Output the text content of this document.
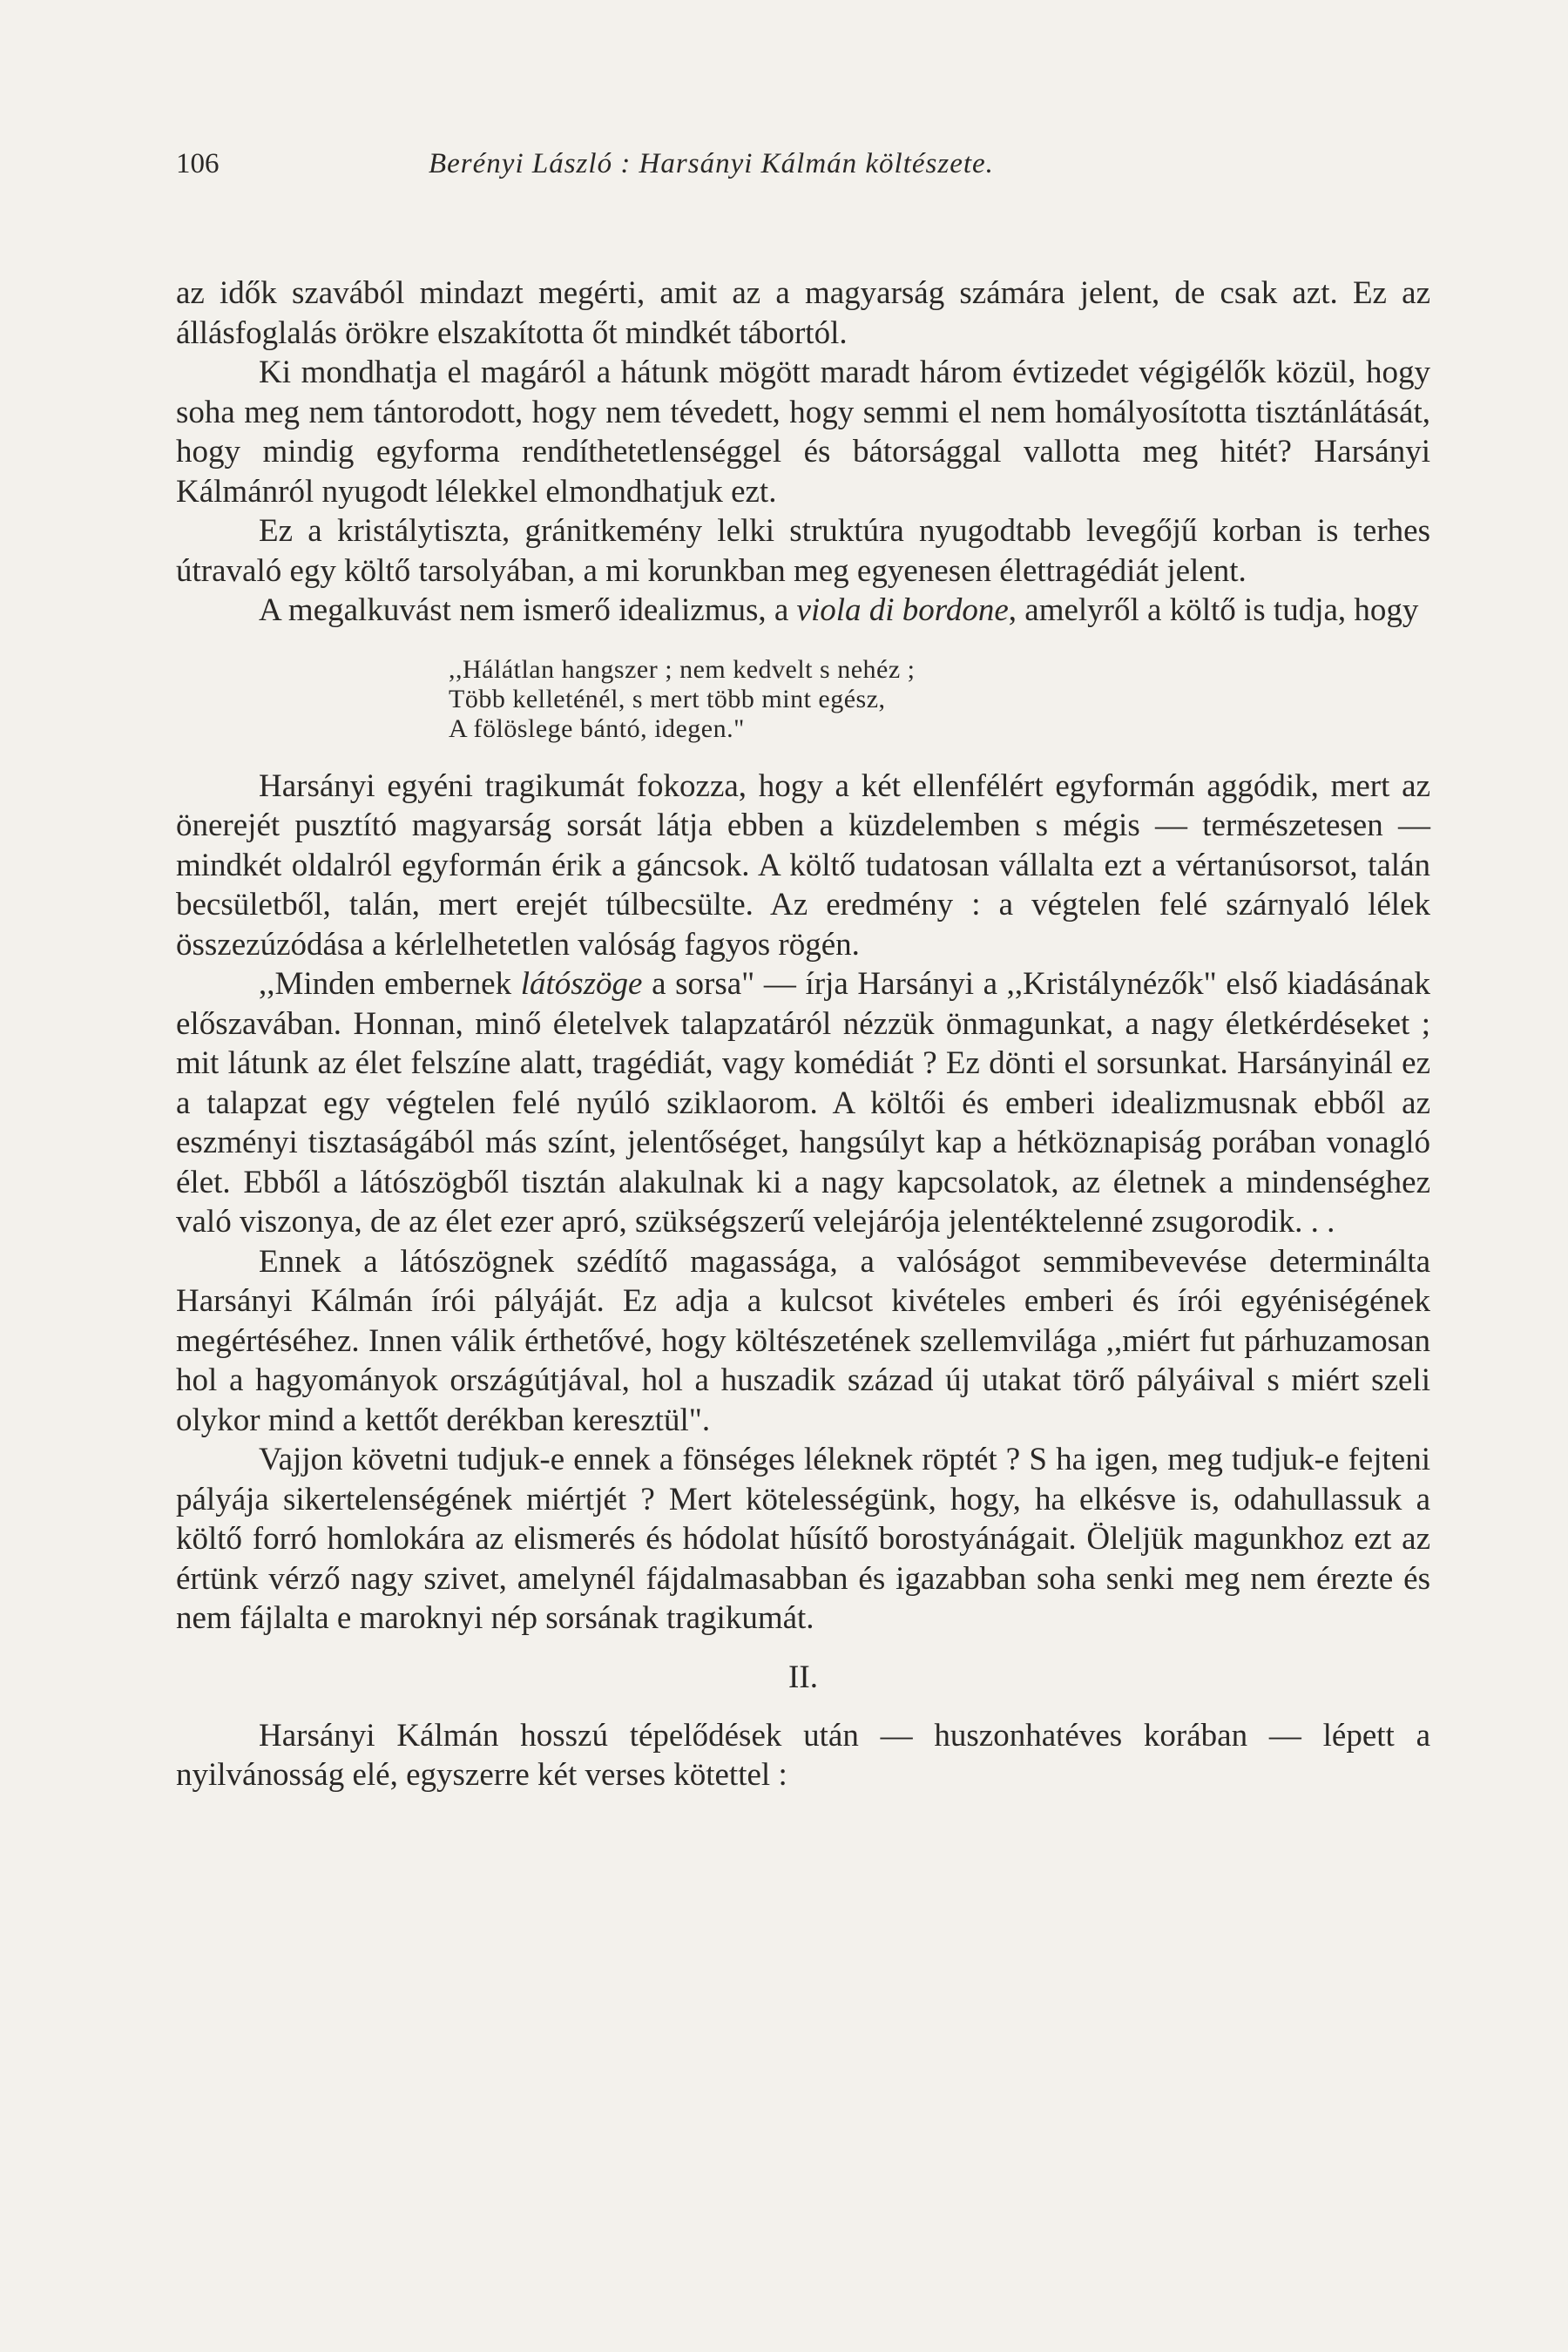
106	Berényi László : Harsányi Kálmán költészete.

az idők szavából mindazt megérti, amit az a magyarság számára jelent, de csak azt. Ez az állásfoglalás örökre elszakította őt mindkét tábortól.

Ki mondhatja el magáról a hátunk mögött maradt három évtizedet végigélők közül, hogy soha meg nem tántorodott, hogy nem tévedett, hogy semmi el nem homályosította tisztánlátását, hogy mindig egyforma rendíthetetlenséggel és bátorsággal vallotta meg hitét? Harsányi Kálmánról nyugodt lélekkel elmondhatjuk ezt.

Ez a kristálytiszta, gránitkemény lelki struktúra nyugodtabb levegőjű korban is terhes útravaló egy költő tarsolyában, a mi korunkban meg egyenesen élettragédiát jelent.

A megalkuvást nem ismerő idealizmus, a viola di bordone, amelyről a költő is tudja, hogy

,,Hálátlan hangszer ; nem kedvelt s nehéz ;
Több kelleténél, s mert több mint egész,
A fölöslege bántó, idegen."

Harsányi egyéni tragikumát fokozza, hogy a két ellenfélért egyformán aggódik, mert az önerejét pusztító magyarság sorsát látja ebben a küzdelemben s mégis — természetesen — mindkét oldalról egyformán érik a gáncsok. A költő tudatosan vállalta ezt a vértanúsorsot, talán becsületből, talán, mert erejét túlbecsülte. Az eredmény : a végtelen felé szárnyaló lélek összezúzódása a kérlelhetetlen valóság fagyos rögén.

,,Minden embernek látószöge a sorsa" — írja Harsányi a ,,Kristálynézők" első kiadásának előszavában. Honnan, minő életelvek talapzatáról nézzük önmagunkat, a nagy életkérdéseket ; mit látunk az élet felszíne alatt, tragédiát, vagy komédiát ? Ez dönti el sorsunkat. Harsányinál ez a talapzat egy végtelen felé nyúló sziklaorom. A költői és emberi idealizmusnak ebből az eszményi tisztaságából más színt, jelentőséget, hangsúlyt kap a hétköznapiság porában vonagló élet. Ebből a látószögből tisztán alakulnak ki a nagy kapcsolatok, az életnek a mindenséghez való viszonya, de az élet ezer apró, szükségszerű velejárója jelentéktelenné zsugorodik. . .

Ennek a látószögnek szédítő magassága, a valóságot semmibevevése determinálta Harsányi Kálmán írói pályáját. Ez adja a kulcsot kivételes emberi és írói egyéniségének megértéséhez. Innen válik érthetővé, hogy költészetének szellemvilága ,,miért fut párhuzamosan hol a hagyományok országútjával, hol a huszadik század új utakat törő pályáival s miért szeli olykor mind a kettőt derékban keresztül".

Vajjon követni tudjuk-e ennek a fönséges léleknek röptét ? S ha igen, meg tudjuk-e fejteni pályája sikertelenségének miértjét ? Mert kötelességünk, hogy, ha elkésve is, odahullassuk a költő forró homlokára az elismerés és hódolat hűsítő borostyánágait. Öleljük magunkhoz ezt az értünk vérző nagy szivet, amelynél fájdalmasabban és igazabban soha senki meg nem érezte és nem fájlalta e maroknyi nép sorsának tragikumát.

II.

Harsányi Kálmán hosszú tépelődések után — huszonhatéves korában — lépett a nyilvánosság elé, egyszerre két verses kötettel :
